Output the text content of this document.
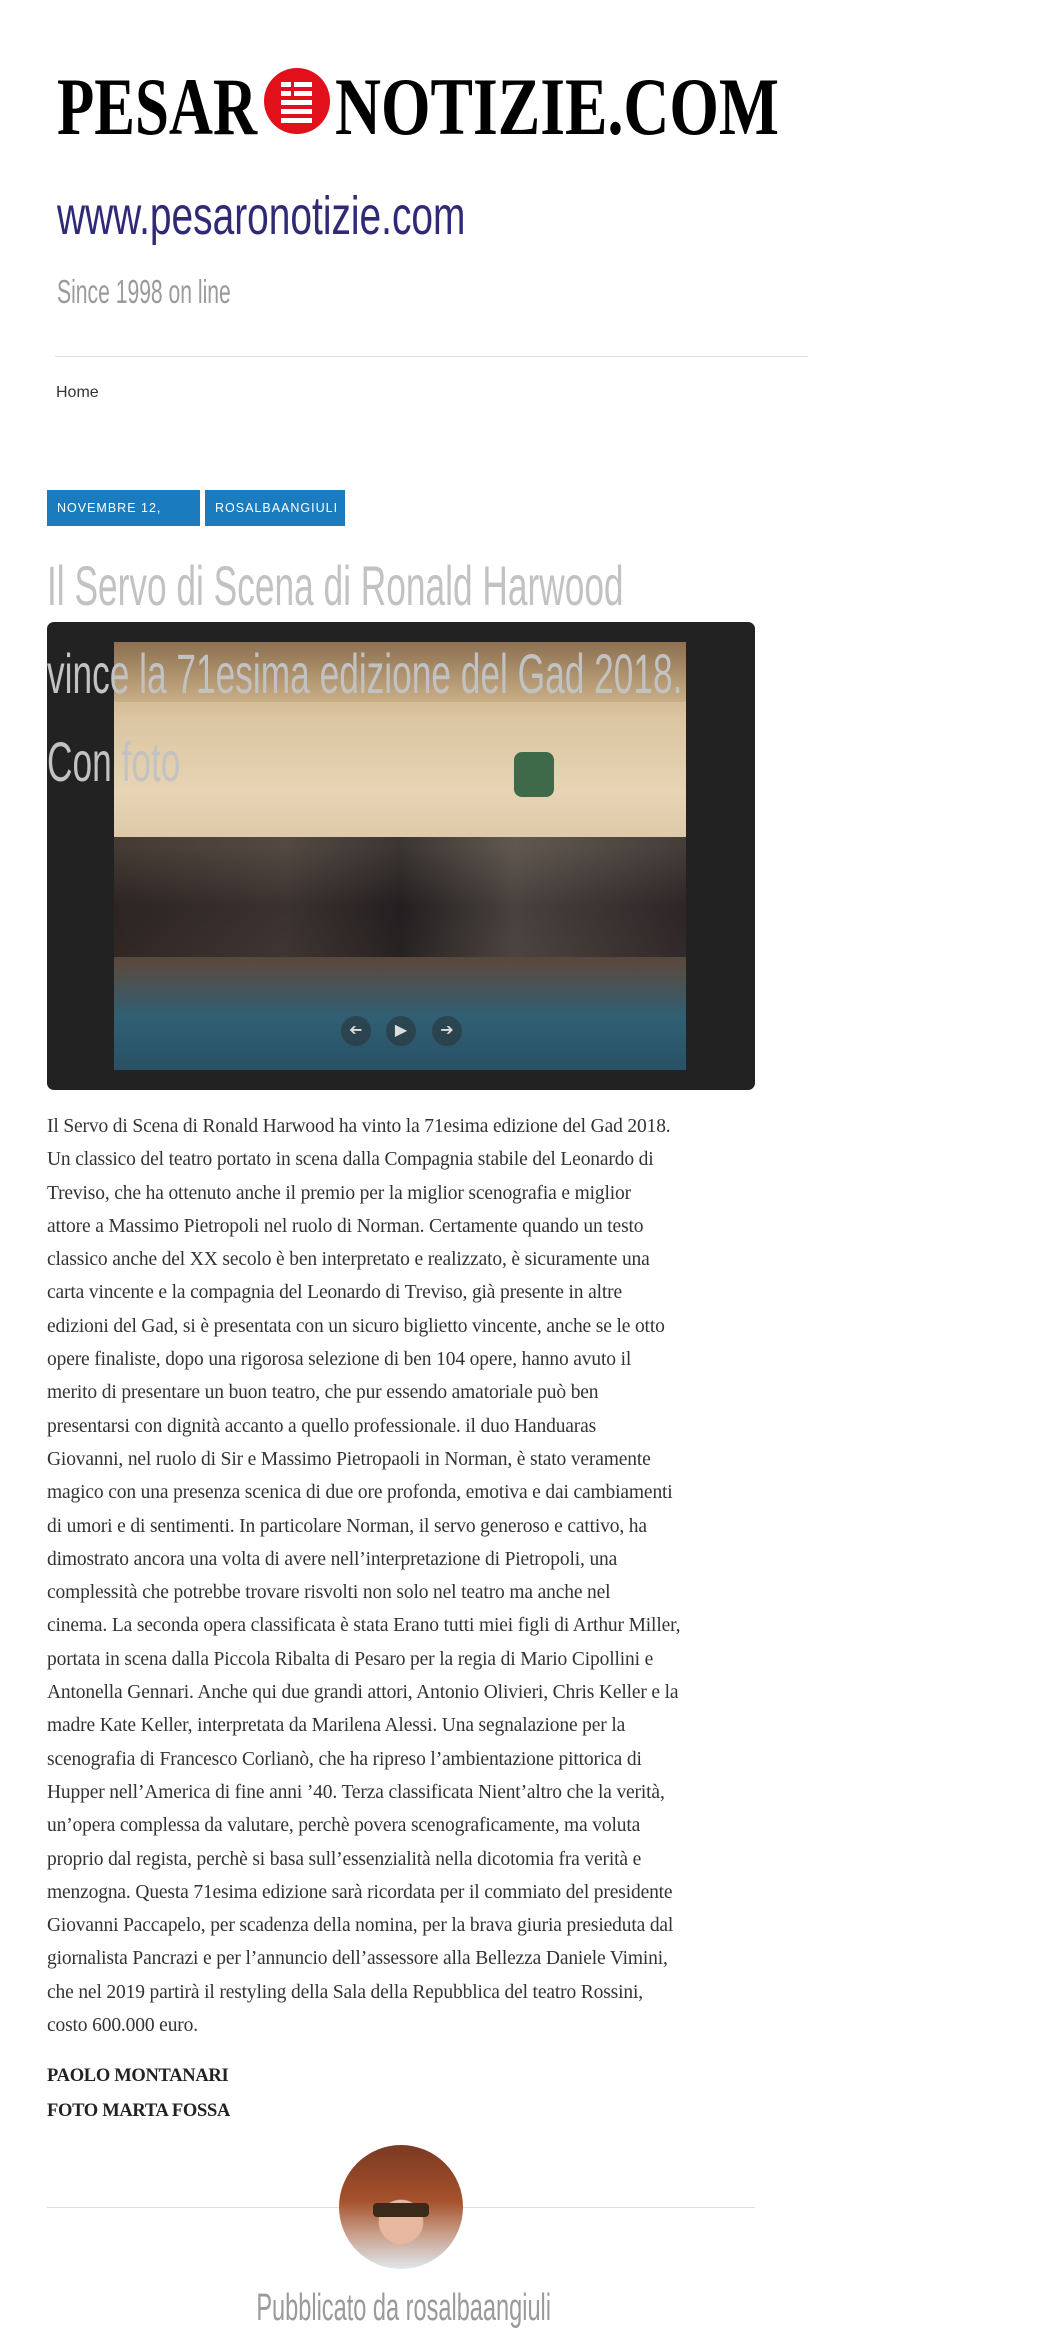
PESAR NOTIZIE.COM
www.pesaronotizie.com
Since 1998 on line
Home
NOVEMBRE 12, 2018
ROSALBAANGIULI
Il Servo di Scena di Ronald Harwood
vince la 71esima edizione del Gad 2018.
Con foto
➔	▶	➔
Il Servo di Scena di Ronald Harwood ha vinto la 71esima edizione del Gad 2018.
Un classico del teatro portato in scena dalla Compagnia stabile del Leonardo di
Treviso, che ha ottenuto anche il premio per la miglior scenografia e miglior
attore a Massimo Pietropoli nel ruolo di Norman. Certamente quando un testo
classico anche del XX secolo è ben interpretato e realizzato, è sicuramente una
carta vincente e la compagnia del Leonardo di Treviso, già presente in altre
edizioni del Gad, si è presentata con un sicuro biglietto vincente, anche se le otto
opere finaliste, dopo una rigorosa selezione di ben 104 opere, hanno avuto il
merito di presentare un buon teatro, che pur essendo amatoriale può ben
presentarsi con dignità accanto a quello professionale. il duo Handuaras
Giovanni, nel ruolo di Sir e Massimo Pietropaoli in Norman, è stato veramente
magico con una presenza scenica di due ore profonda, emotiva e dai cambiamenti
di umori e di sentimenti. In particolare Norman, il servo generoso e cattivo, ha
dimostrato ancora una volta di avere nell’interpretazione di Pietropoli, una
complessità che potrebbe trovare risvolti non solo nel teatro ma anche nel
cinema. La seconda opera classificata è stata Erano tutti miei figli di Arthur Miller,
portata in scena dalla Piccola Ribalta di Pesaro per la regia di Mario Cipollini e
Antonella Gennari. Anche qui due grandi attori, Antonio Olivieri, Chris Keller e la
madre Kate Keller, interpretata da Marilena Alessi. Una segnalazione per la
scenografia di Francesco Corlianò, che ha ripreso l’ambientazione pittorica di
Hupper nell’America di fine anni ’40. Terza classificata Nient’altro che la verità,
un’opera complessa da valutare, perchè povera scenograficamente, ma voluta
proprio dal regista, perchè si basa sull’essenzialità nella dicotomia fra verità e
menzogna. Questa 71esima edizione sarà ricordata per il commiato del presidente
Giovanni Paccapelo, per scadenza della nomina, per la brava giuria presieduta dal
giornalista Pancrazi e per l’annuncio dell’assessore alla Bellezza Daniele Vimini,
che nel 2019 partirà il restyling della Sala della Repubblica del teatro Rossini,
costo 600.000 euro.
PAOLO MONTANARI
FOTO MARTA FOSSA
Pubblicato da rosalbaangiuli
